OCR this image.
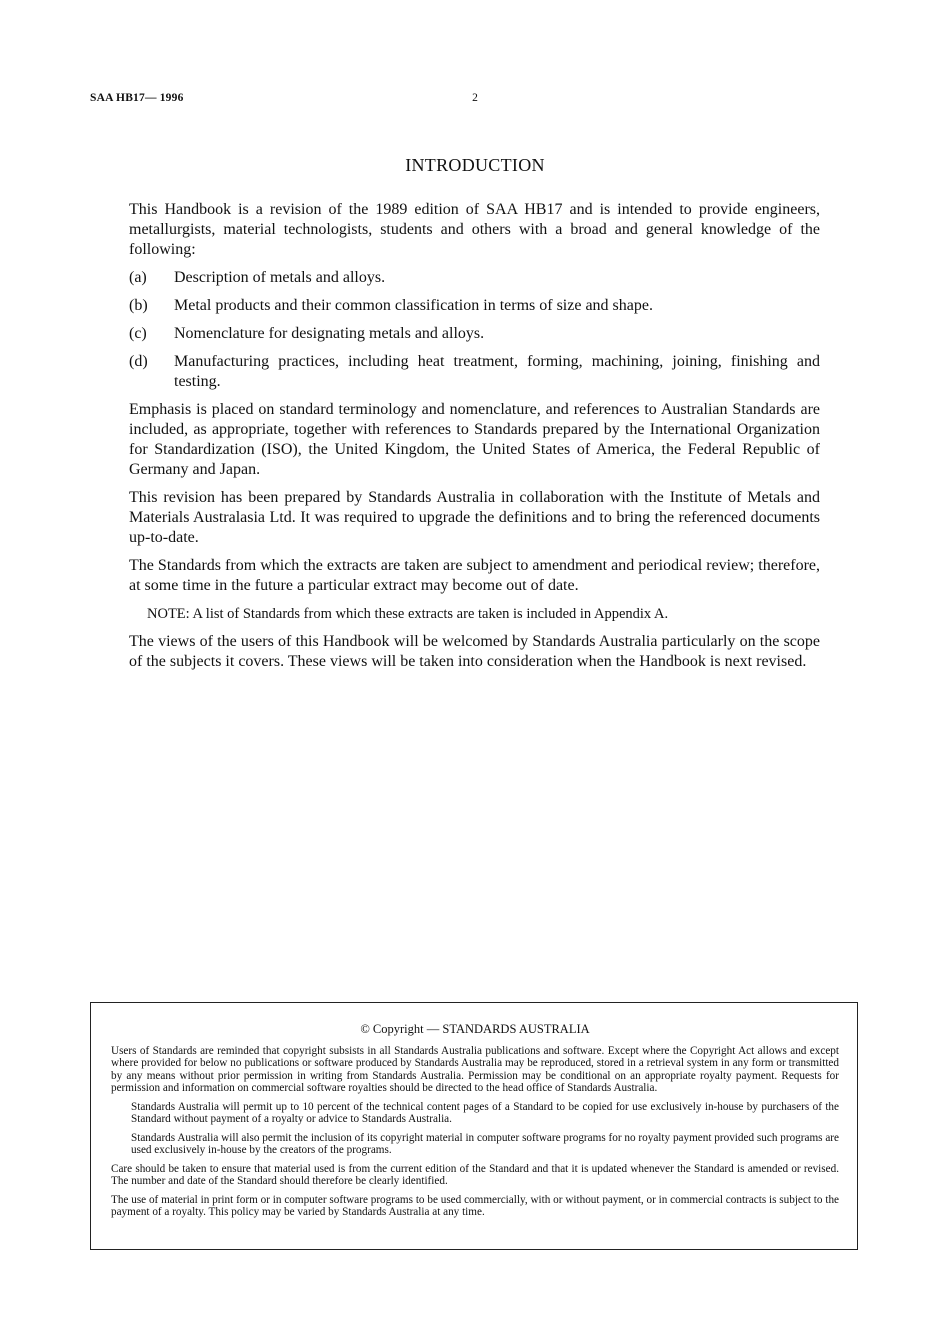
SAA HB17— 1996	2
INTRODUCTION

This Handbook is a revision of the 1989 edition of SAA HB17 and is intended to provide engineers, metallurgists, material technologists, students and others with a broad and general knowledge of the following:

(a)	Description of metals and alloys.
(b)	Metal products and their common classification in terms of size and shape.
(c)	Nomenclature for designating metals and alloys.
(d)	Manufacturing practices, including heat treatment, forming, machining, joining, finishing and testing.

Emphasis is placed on standard terminology and nomenclature, and references to Australian Standards are included, as appropriate, together with references to Standards prepared by the International Organization for Standardization (ISO), the United Kingdom, the United States of America, the Federal Republic of Germany and Japan.

This revision has been prepared by Standards Australia in collaboration with the Institute of Metals and Materials Australasia Ltd. It was required to upgrade the definitions and to bring the referenced documents up-to-date.

The Standards from which the extracts are taken are subject to amendment and periodical review; therefore, at some time in the future a particular extract may become out of date.

NOTE: A list of Standards from which these extracts are taken is included in Appendix A.

The views of the users of this Handbook will be welcomed by Standards Australia particularly on the scope of the subjects it covers. These views will be taken into consideration when the Handbook is next revised.

© Copyright — STANDARDS AUSTRALIA

Users of Standards are reminded that copyright subsists in all Standards Australia publications and software. Except where the Copyright Act allows and except where provided for below no publications or software produced by Standards Australia may be reproduced, stored in a retrieval system in any form or transmitted by any means without prior permission in writing from Standards Australia. Permission may be conditional on an appropriate royalty payment. Requests for permission and information on commercial software royalties should be directed to the head office of Standards Australia.

Standards Australia will permit up to 10 percent of the technical content pages of a Standard to be copied for use exclusively in-house by purchasers of the Standard without payment of a royalty or advice to Standards Australia.

Standards Australia will also permit the inclusion of its copyright material in computer software programs for no royalty payment provided such programs are used exclusively in-house by the creators of the programs.

Care should be taken to ensure that material used is from the current edition of the Standard and that it is updated whenever the Standard is amended or revised. The number and date of the Standard should therefore be clearly identified.

The use of material in print form or in computer software programs to be used commercially, with or without payment, or in commercial contracts is subject to the payment of a royalty. This policy may be varied by Standards Australia at any time.
